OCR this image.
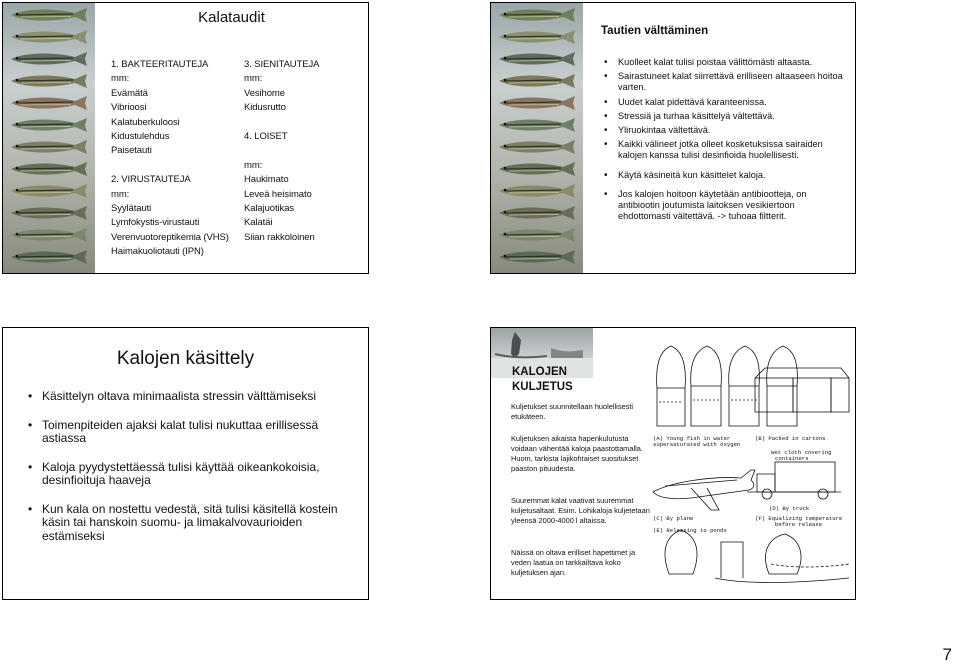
Kalataudit
1. BAKTEERITAUTEJA
mm:
Evämätä
Vibrioosi
Kalatuberkuloosi
Kidustulehdus
Paisetauti
2. VIRUSTAUTEJA
mm:
Syylätauti
Lymfokystis-virustauti
Verenvuotoreptikemia (VHS)
Haimakuoliotauti (IPN)
3. SIENITAUTEJA
mm:
Vesihome
Kidusrutto
4. LOISET
mm:
Haukimato
Leveä heisimato
Kalajuotikas
Kalatäi
Siian rakkoloinen
Tautien välttäminen
• Kuolleet kalat tulisi poistaa välittömästi altaasta.
• Sairastuneet kalat siirrettävä erilliseen altaaseen hoitoa varten.
• Uudet kalat pidettävä karanteenissa.
• Stressiä ja turhaa käsittelyä vältettävä.
• Yliruokintaa vältettävä.
• Kaikki välineet jotka olleet kosketuksissa sairaiden kalojen kanssa tulisi desinfioida huolellisesti.
• Käytä käsineitä kun käsittelet kaloja.
• Jos kalojen hoitoon käytetään antibiootteja, on antibiootin joutumista laitoksen vesikiertoon ehdottomasti vältettävä. -> tuhoaa filtterit.
Kalojen käsittely
• Käsittelyn oltava minimaalista stressin välttämiseksi
• Toimenpiteiden ajaksi kalat tulisi nukuttaa erillisessä astiassa
• Kaloja pyydystettäessä tulisi käyttää oikeankokoisia, desinfioituja haaveja
• Kun kala on nostettu vedestä, sitä tulisi käsitellä kostein käsin tai hanskoin suomu- ja limakalvovaurioiden estämiseksi
KALOJEN
KULJETUS
Kuljetukset suunnitellaan huolellisesti etukäteen.
Kuljetuksen aikaista hapenkulutusta voidaan vähentää kaloja paastottamalla. Huom, tarkista lajikohtaiset suositukset paaston pituudesta.
Suuremmat kalat vaativat suuremmat kuljetusaltaat. Esim. Lohikaloja kuljetetaan yleensä 2000-4000 l altaissa.
Näissä on oltava erilliset hapettimet ja veden laatua on tarkkailtava koko kuljetuksen ajan.
(A) Young fish in water
supersaturated with oxygen
(B) Packed in cartons
Wet cloth covering
containers
(C) By plane
(D) By truck
(F) Equalizing temperature
before release
(E) Releasing to ponds
7
